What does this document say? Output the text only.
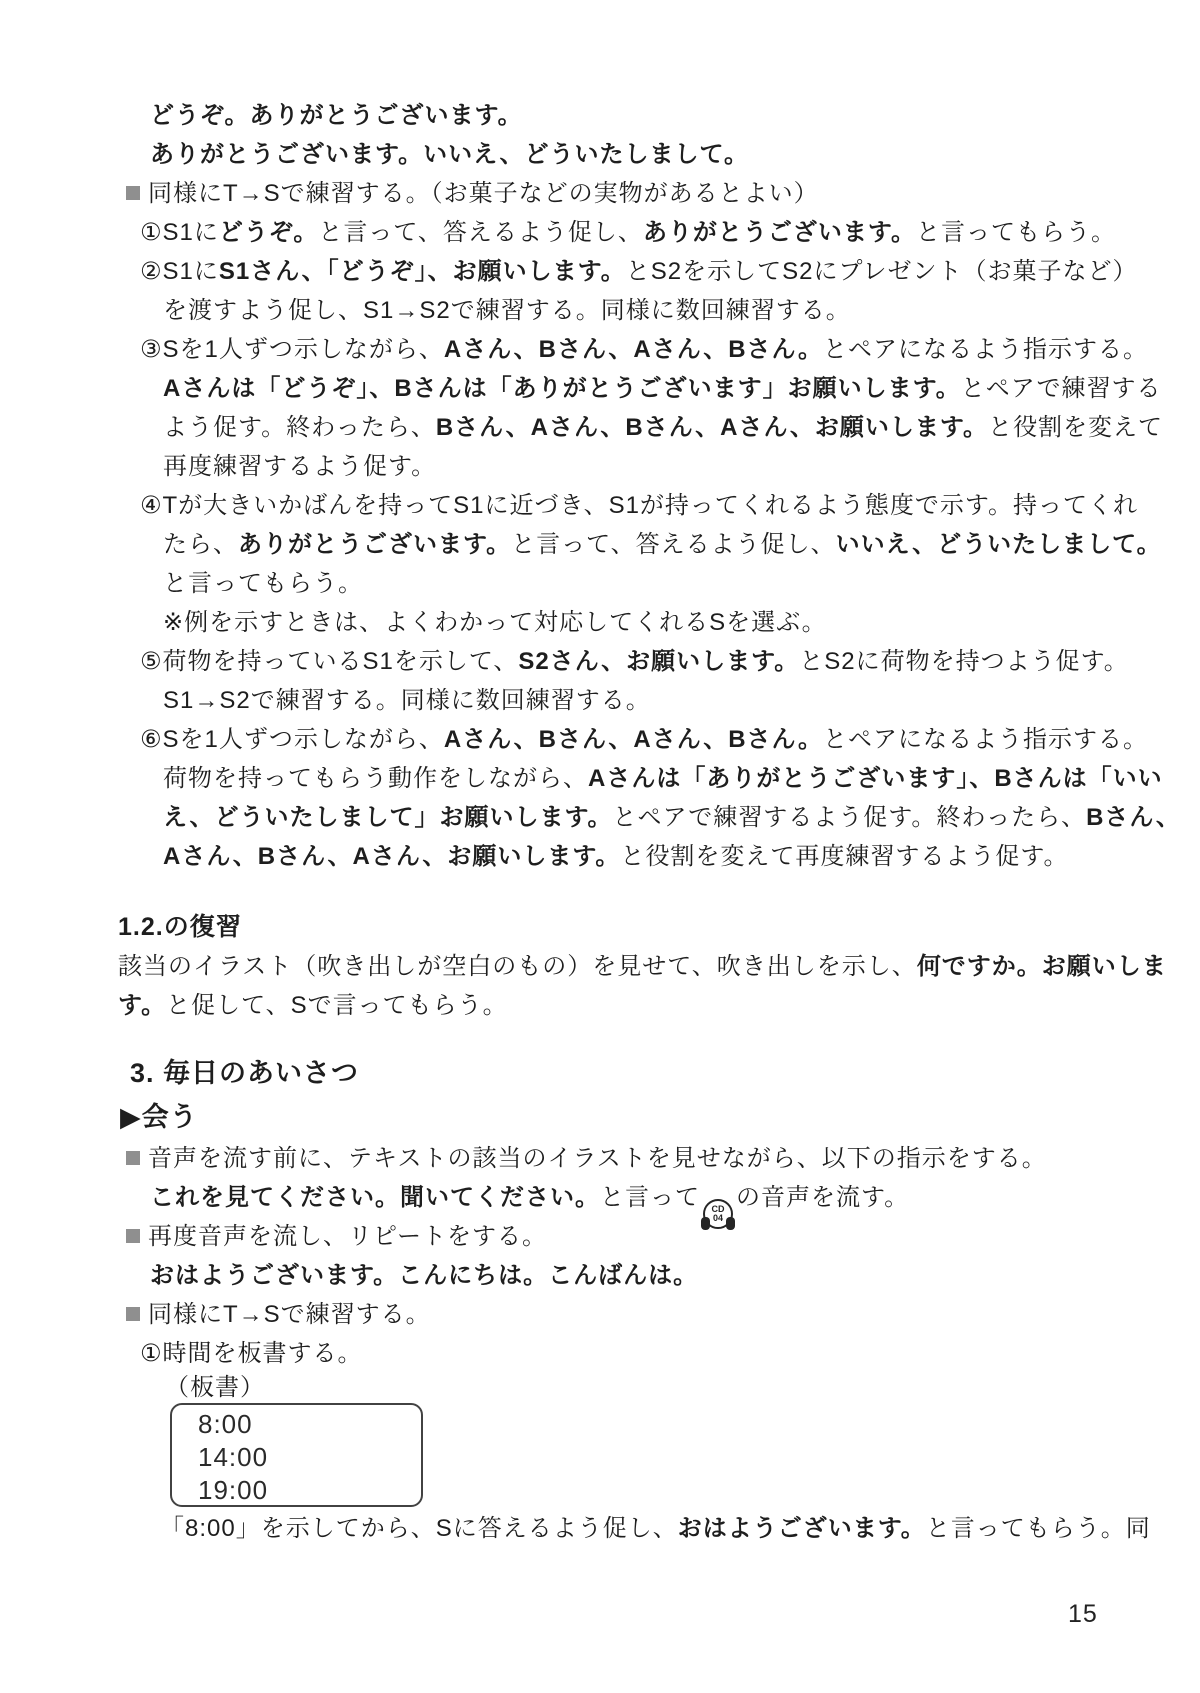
どうぞ。ありがとうございます。
ありがとうございます。いいえ、どういたしまして。
同様にT→Sで練習する。（お菓子などの実物があるとよい）
①S1にどうぞ。と言って、答えるよう促し、ありがとうございます。と言ってもらう。
②S1にS1さん、「どうぞ」、お願いします。とS2を示してS2にプレゼント（お菓子など）
を渡すよう促し、S1→S2で練習する。同様に数回練習する。
③Sを1人ずつ示しながら、Aさん、Bさん、Aさん、Bさん。とペアになるよう指示する。
Aさんは「どうぞ」、Bさんは「ありがとうございます」お願いします。とペアで練習する
よう促す。終わったら、Bさん、Aさん、Bさん、Aさん、お願いします。と役割を変えて
再度練習するよう促す。
④Tが大きいかばんを持ってS1に近づき、S1が持ってくれるよう態度で示す。持ってくれ
たら、ありがとうございます。と言って、答えるよう促し、いいえ、どういたしまして。
と言ってもらう。
※例を示すときは、よくわかって対応してくれるSを選ぶ。
⑤荷物を持っているS1を示して、S2さん、お願いします。とS2に荷物を持つよう促す。
S1→S2で練習する。同様に数回練習する。
⑥Sを1人ずつ示しながら、Aさん、Bさん、Aさん、Bさん。とペアになるよう指示する。
荷物を持ってもらう動作をしながら、Aさんは「ありがとうございます」、Bさんは「いい
え、どういたしまして」お願いします。とペアで練習するよう促す。終わったら、Bさん、
Aさん、Bさん、Aさん、お願いします。と役割を変えて再度練習するよう促す。
1.2.の復習
該当のイラスト（吹き出しが空白のもの）を見せて、吹き出しを示し、何ですか。お願いしま
す。と促して、Sで言ってもらう。
3. 毎日のあいさつ
▶会う
音声を流す前に、テキストの該当のイラストを見せながら、以下の指示をする。
これを見てください。聞いてください。と言って CD
04
の音声を流す。
再度音声を流し、リピートをする。
おはようございます。こんにちは。こんばんは。
同様にT→Sで練習する。
①時間を板書する。
（板書）
8:00
14:00
19:00
「8:00」を示してから、Sに答えるよう促し、おはようございます。と言ってもらう。同
15
